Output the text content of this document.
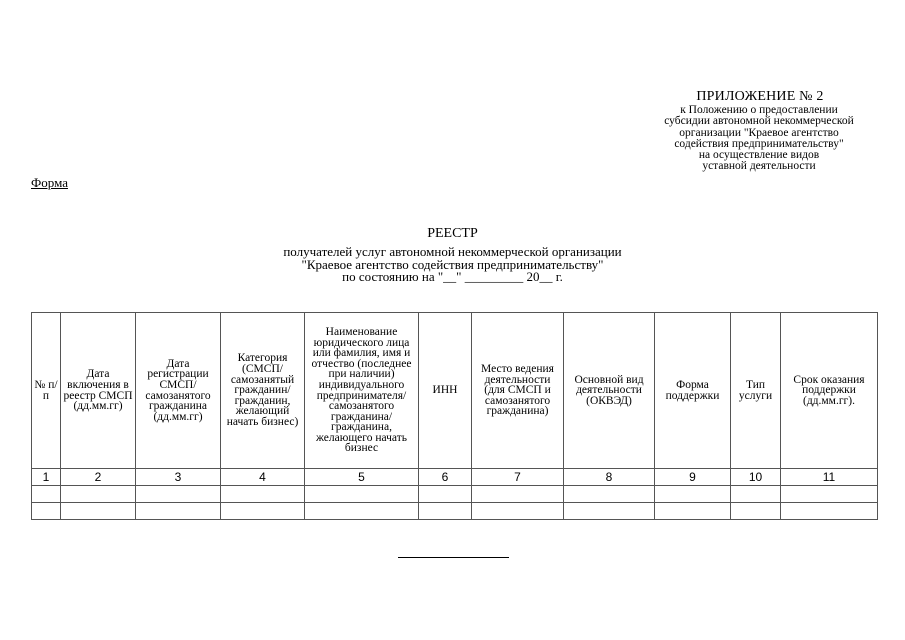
ПРИЛОЖЕНИЕ № 2
к Положению о предоставлении
субсидии автономной некоммерческой
организации "Краевое агентство
содействия предпринимательству"
на осуществление видов
уставной деятельности
Форма
РЕЕСТР
получателей услуг автономной некоммерческой организации
"Краевое агентство содействия предпринимательству"
по состоянию на "__" _________ 20__ г.
№ п/п	Дата включения в реестр СМСП (дд.мм.гг)	Дата регистрации СМСП/ самозанятого гражданина (дд.мм.гг)	Категория (СМСП/ самозанятый гражданин/ гражданин, желающий начать бизнес)	Наименование юридического лица или фамилия, имя и отчество (последнее при наличии) индивидуального предпринимателя/ самозанятого гражданина/ гражданина, желающего начать бизнес	ИНН	Место ведения деятельности (для СМСП и самозанятого гражданина)	Основной вид деятельности (ОКВЭД)	Форма поддержки	Тип услуги	Срок оказания поддержки (дд.мм.гг).
1	2	3	4	5	6	7	8	9	10	11
